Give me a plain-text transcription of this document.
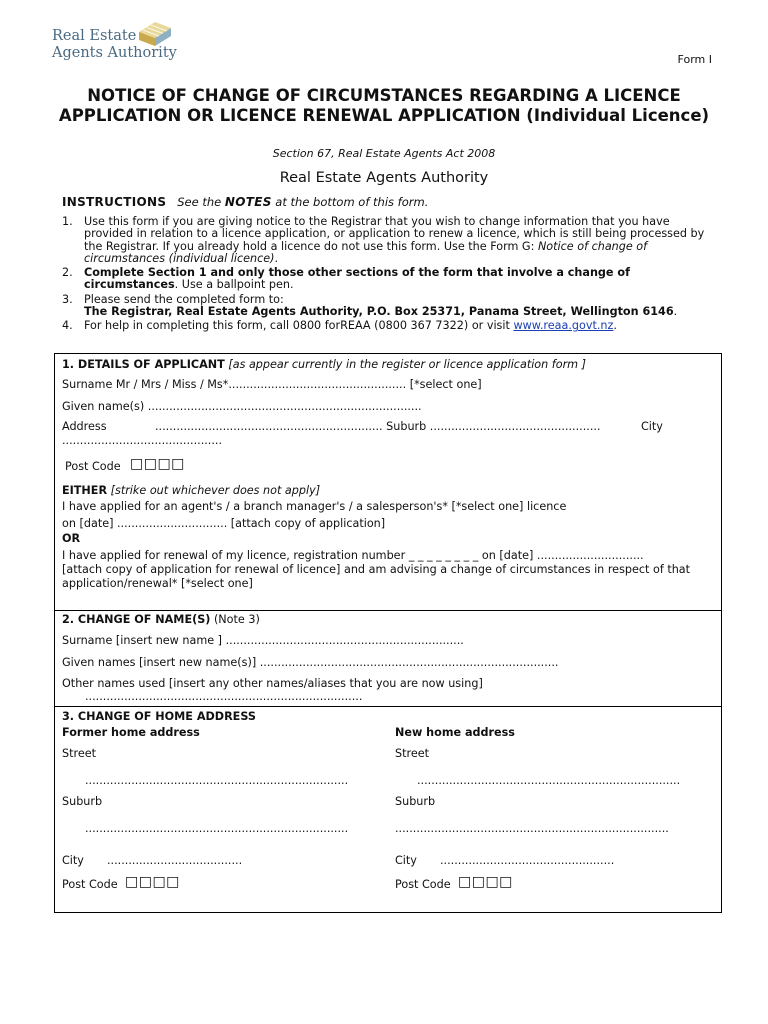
Real Estate
Agents Authority	Form I
NOTICE OF CHANGE OF CIRCUMSTANCES REGARDING A LICENCE APPLICATION OR LICENCE RENEWAL APPLICATION (Individual Licence)
Section 67, Real Estate Agents Act 2008
Real Estate Agents Authority
INSTRUCTIONS See the NOTES at the bottom of this form.
1. Use this form if you are giving notice to the Registrar that you wish to change information that you have provided in relation to a licence application, or application to renew a licence, which is still being processed by the Registrar. If you already hold a licence do not use this form. Use the Form G: Notice of change of circumstances (individual licence).
2. Complete Section 1 and only those other sections of the form that involve a change of circumstances. Use a ballpoint pen.
3. Please send the completed form to:
The Registrar, Real Estate Agents Authority, P.O. Box 25371, Panama Street, Wellington 6146.
4. For help in completing this form, call 0800 forREAA (0800 367 7322) or visit www.reaa.govt.nz.
1. DETAILS OF APPLICANT [as appear currently in the register or licence application form ]
Surname Mr / Mrs / Miss / Ms*.................................................. [*select one]
Given name(s) .............................................................................
Address	................................................................ Suburb ................................................	City
.............................................
Post Code □□□□
EITHER [strike out whichever does not apply]
I have applied for an agent's / a branch manager's / a salesperson's* [*select one] licence
on [date] ............................... [attach copy of application]
OR
I have applied for renewal of my licence, registration number _ _ _ _ _ _ _ _ on [date] ..............................
[attach copy of application for renewal of licence] and am advising a change of circumstances in respect of that
application/renewal* [*select one]
2. CHANGE OF NAME(S) (Note 3)
Surname [insert new name ] ...................................................................
Given names [insert new name(s)] ....................................................................................
Other names used [insert any other names/aliases that you are now using]
..............................................................................
3. CHANGE OF HOME ADDRESS
Former home address	New home address
Street	Street
..........................................................................	..........................................................................
Suburb	Suburb
..........................................................................	.............................................................................
City ......................................	City .................................................
Post Code □□□□	Post Code □□□□
